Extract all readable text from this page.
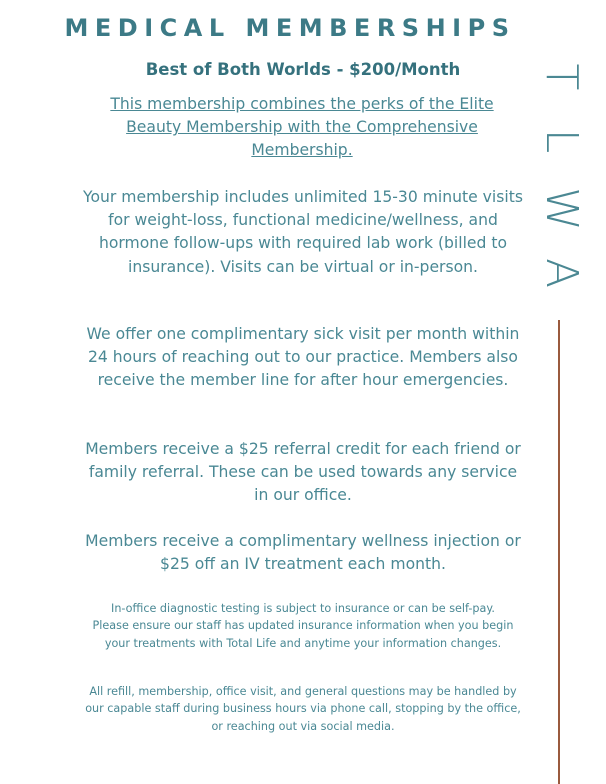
MEDICAL MEMBERSHIPS
T
L
W
A
Best of Both Worlds - $200/Month
This membership combines the perks of the Elite Beauty Membership with the Comprehensive Membership.
Your membership includes unlimited 15-30 minute visits for weight-loss, functional medicine/wellness, and hormone follow-ups with required lab work (billed to insurance). Visits can be virtual or in-person.
We offer one complimentary sick visit per month within 24 hours of reaching out to our practice. Members also receive the member line for after hour emergencies.
Members receive a $25 referral credit for each friend or family referral. These can be used towards any service in our office.
Members receive a complimentary wellness injection or $25 off an IV treatment each month.
In-office diagnostic testing is subject to insurance or can be self-pay. Please ensure our staff has updated insurance information when you begin your treatments with Total Life and anytime your information changes.
All refill, membership, office visit, and general questions may be handled by our capable staff during business hours via phone call, stopping by the office, or reaching out via social media.
